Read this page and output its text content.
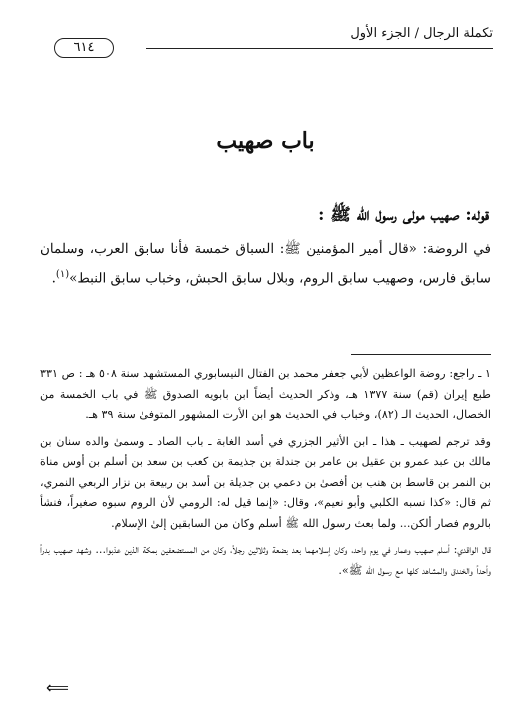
تكملة الرجال / الجزء الأول
٦١٤
باب صهيب
قوله: صهيب مولى رسول الله ﷺ :
في الروضة: «قال أمير المؤمنين ﷺ: السباق خمسة فأنا سابق العرب، وسلمان سابق فارس، وصهيب سابق الروم، وبلال سابق الحبش، وخباب سابق النبط»$^{(١)}$.

١ ـ راجع: روضة الواعظين لأبي جعفر محمد بن الفتال النيسابوري المستشهد سنة ٥٠٨ هـ : ص ٣٣١ طبع إيران (قم) سنة ١٣٧٧ هـ، وذكر الحديث أيضاً ابن بابويه الصدوق ﷺ في باب الخمسة من الخصال، الحديث الـ (٨٢)، وخباب في الحديث هو ابن الأرت المشهور المتوفىٰ سنة ٣٩ هـ.

وقد ترجم لصهيب ـ هذا ـ ابن الأثير الجزري في أسد الغابة ـ باب الصاد ـ وسمىٰ والده سنان بن مالك بن عبد عمرو بن عقيل بن عامر بن جندلة بن جذيمة بن كعب بن سعد بن أسلم بن أوس مناة بن النمر بن قاسط بن هنب بن أفصىٰ بن دعمي بن جديلة بن أسد بن ربيعة بن نزار الربعي النمري، ثم قال: «كذا نسبه الكلبي وأبو نعيم»، وقال: «إنما قيل له: الرومي لأن الروم سبوه صغيراً، فنشأ بالروم فصار ألكن... ولما بعث رسول الله ﷺ أسلم وكان من السابقين إلىٰ الإسلام.

قال الواقدي: أسلم صهيب وعمار في يوم واحد، وكان إسلامهما بعد بضعة وثلاثين رجلاً، وكان من المستضعفين بمكة الذين عذبوا... وشهد صهيب بدراً وأحداً والخندق والمشاهد كلها مع رسول الله ﷺ».

⟸
